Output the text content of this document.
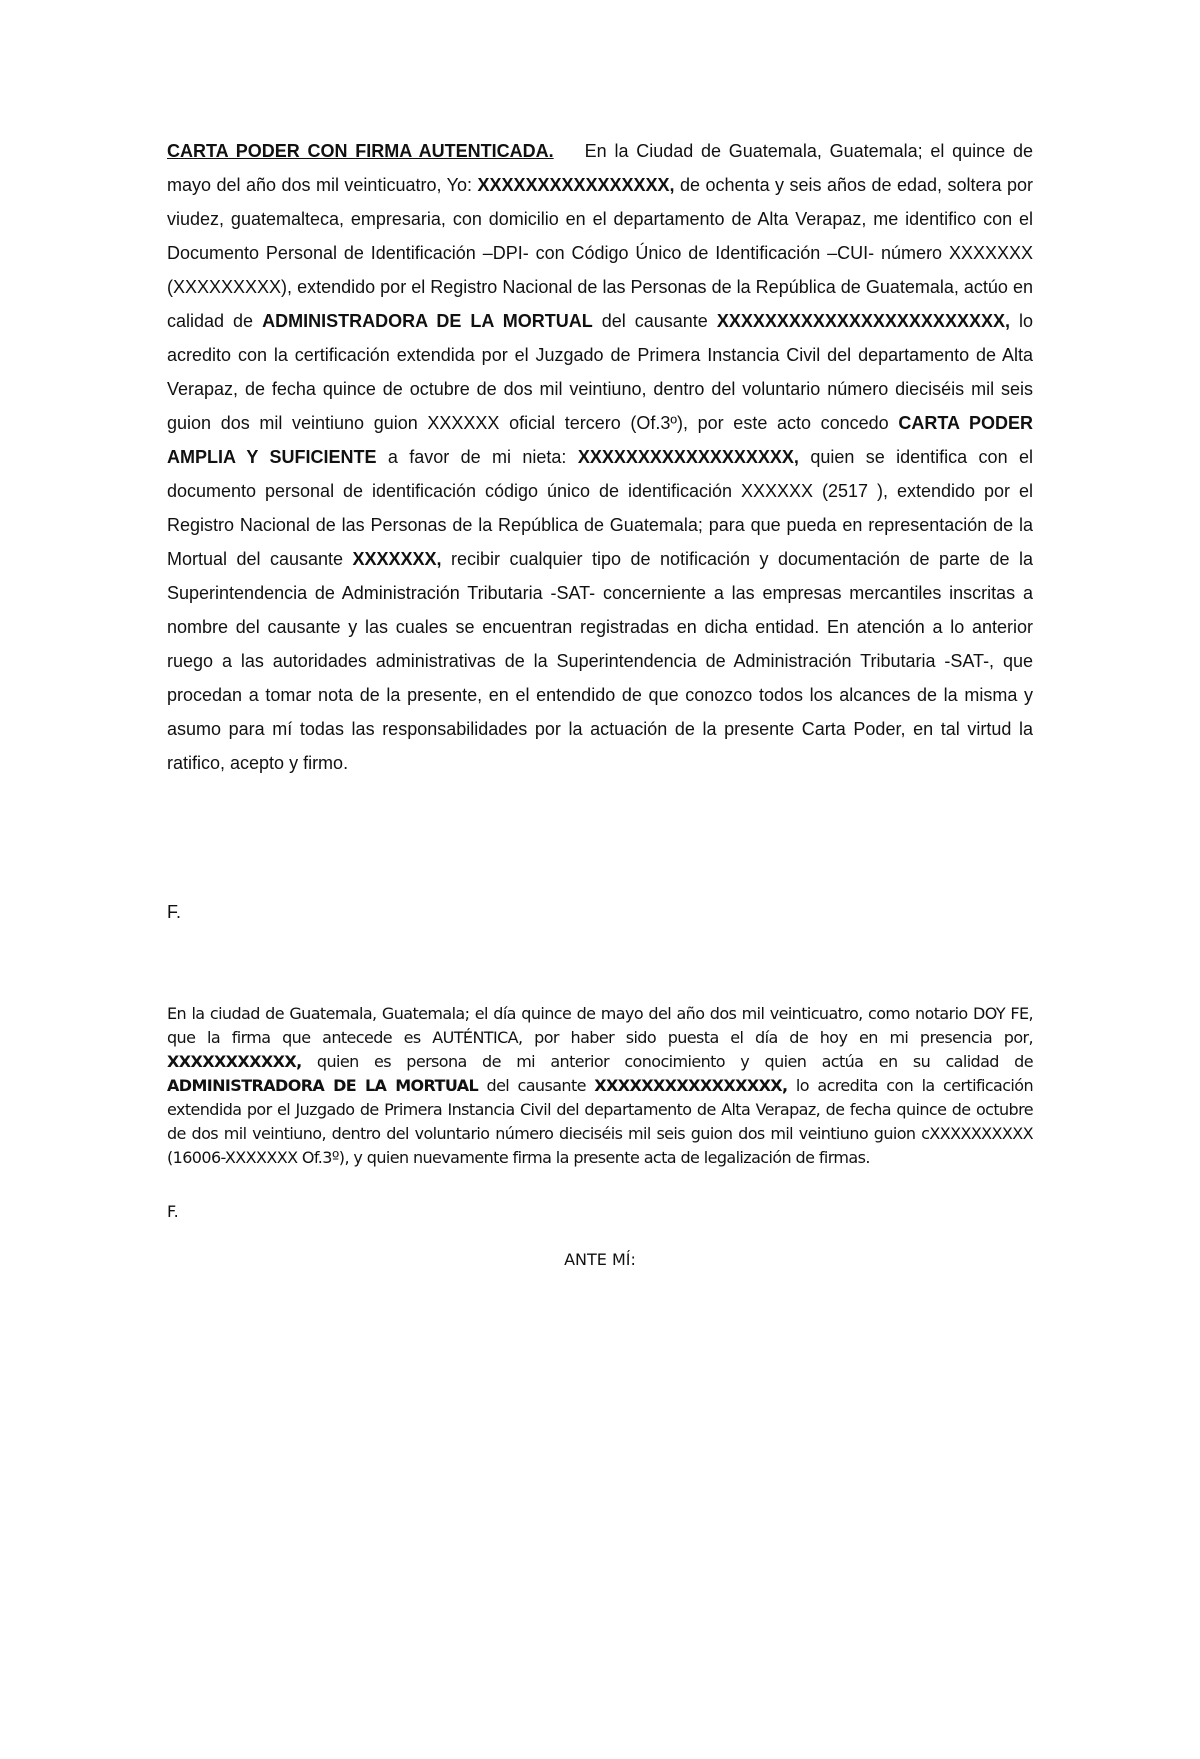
CARTA PODER CON FIRMA AUTENTICADA. En la Ciudad de Guatemala, Guatemala; el quince de mayo del año dos mil veinticuatro, Yo: XXXXXXXXXXXXXXXX, de ochenta y seis años de edad, soltera por viudez, guatemalteca, empresaria, con domicilio en el departamento de Alta Verapaz, me identifico con el Documento Personal de Identificación –DPI- con Código Único de Identificación –CUI- número XXXXXXX (XXXXXXXXX), extendido por el Registro Nacional de las Personas de la República de Guatemala, actúo en calidad de ADMINISTRADORA DE LA MORTUAL del causante XXXXXXXXXXXXXXXXXXXXXXXX, lo acredito con la certificación extendida por el Juzgado de Primera Instancia Civil del departamento de Alta Verapaz, de fecha quince de octubre de dos mil veintiuno, dentro del voluntario número dieciséis mil seis guion dos mil veintiuno guion XXXXXX oficial tercero (Of.3º), por este acto concedo CARTA PODER AMPLIA Y SUFICIENTE a favor de mi nieta: XXXXXXXXXXXXXXXXXX, quien se identifica con el documento personal de identificación código único de identificación XXXXXX (2517 ), extendido por el Registro Nacional de las Personas de la República de Guatemala; para que pueda en representación de la Mortual del causante XXXXXXX, recibir cualquier tipo de notificación y documentación de parte de la Superintendencia de Administración Tributaria -SAT- concerniente a las empresas mercantiles inscritas a nombre del causante y las cuales se encuentran registradas en dicha entidad. En atención a lo anterior ruego a las autoridades administrativas de la Superintendencia de Administración Tributaria -SAT-, que procedan a tomar nota de la presente, en el entendido de que conozco todos los alcances de la misma y asumo para mí todas las responsabilidades por la actuación de la presente Carta Poder, en tal virtud la ratifico, acepto y firmo.

F.

En la ciudad de Guatemala, Guatemala; el día quince de mayo del año dos mil veinticuatro, como notario DOY FE, que la firma que antecede es AUTÉNTICA, por haber sido puesta el día de hoy en mi presencia por, XXXXXXXXXXX, quien es persona de mi anterior conocimiento y quien actúa en su calidad de ADMINISTRADORA DE LA MORTUAL del causante XXXXXXXXXXXXXXXX, lo acredita con la certificación extendida por el Juzgado de Primera Instancia Civil del departamento de Alta Verapaz, de fecha quince de octubre de dos mil veintiuno, dentro del voluntario número dieciséis mil seis guion dos mil veintiuno guion cXXXXXXXXXX (16006-XXXXXXX Of.3º), y quien nuevamente firma la presente acta de legalización de firmas.

F.

ANTE MÍ:
